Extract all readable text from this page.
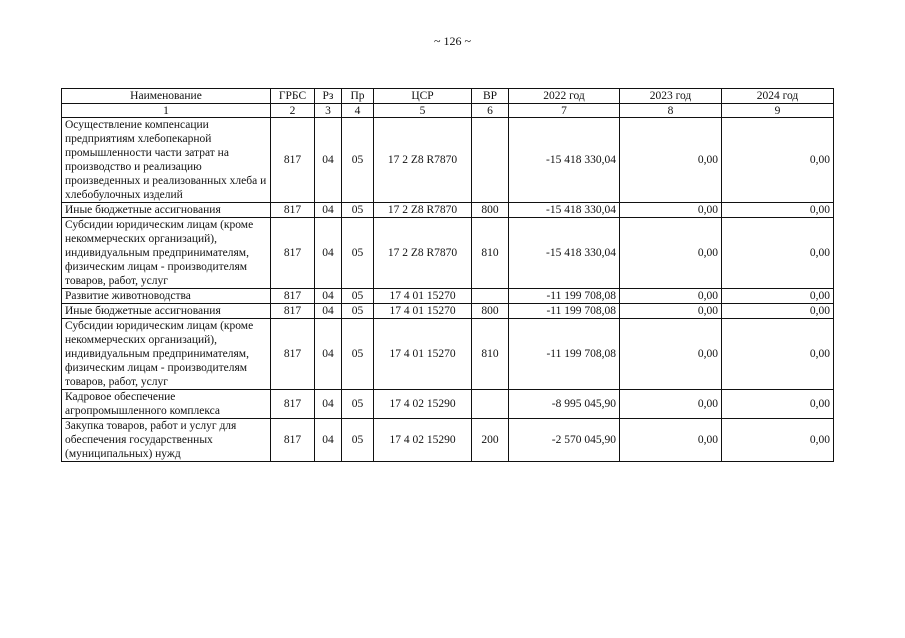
~ 126 ~
Наименование	ГРБС	Рз	Пр	ЦСР	ВР	2022 год	2023 год	2024 год
1	2	3	4	5	6	7	8	9
Осуществление компенсации предприятиям хлебопекарной промышленности части затрат на производство и реализацию произведенных и реализованных хлеба и хлебобулочных изделий	817	04	05	17 2 Z8 R7870		-15 418 330,04	0,00	0,00
Иные бюджетные ассигнования	817	04	05	17 2 Z8 R7870	800	-15 418 330,04	0,00	0,00
Субсидии юридическим лицам (кроме некоммерческих организаций), индивидуальным предпринимателям, физическим лицам - производителям товаров, работ, услуг	817	04	05	17 2 Z8 R7870	810	-15 418 330,04	0,00	0,00
Развитие животноводства	817	04	05	17 4 01 15270		-11 199 708,08	0,00	0,00
Иные бюджетные ассигнования	817	04	05	17 4 01 15270	800	-11 199 708,08	0,00	0,00
Субсидии юридическим лицам (кроме некоммерческих организаций), индивидуальным предпринимателям, физическим лицам - производителям товаров, работ, услуг	817	04	05	17 4 01 15270	810	-11 199 708,08	0,00	0,00
Кадровое обеспечение агропромышленного комплекса	817	04	05	17 4 02 15290		-8 995 045,90	0,00	0,00
Закупка товаров, работ и услуг для обеспечения государственных (муниципальных) нужд	817	04	05	17 4 02 15290	200	-2 570 045,90	0,00	0,00
